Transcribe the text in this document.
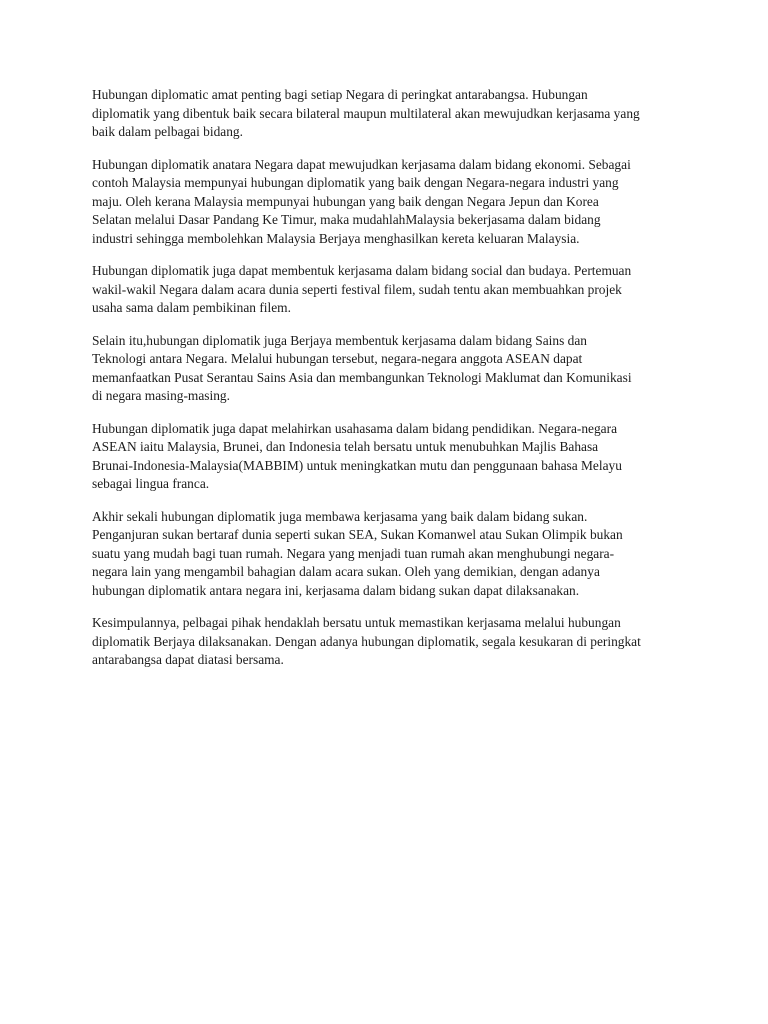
Hubungan diplomatic amat penting bagi setiap Negara di peringkat antarabangsa. Hubungan
diplomatik yang dibentuk baik secara bilateral maupun multilateral akan mewujudkan kerjasama yang
baik dalam pelbagai bidang.

Hubungan diplomatik anatara Negara dapat mewujudkan kerjasama dalam bidang ekonomi. Sebagai
contoh Malaysia mempunyai hubungan diplomatik yang baik dengan Negara-negara industri yang
maju. Oleh kerana Malaysia mempunyai hubungan yang baik dengan Negara Jepun dan Korea
Selatan melalui Dasar Pandang Ke Timur, maka mudahlahMalaysia bekerjasama dalam bidang
industri sehingga membolehkan Malaysia Berjaya menghasilkan kereta keluaran Malaysia.

Hubungan diplomatik juga dapat membentuk kerjasama dalam bidang social dan budaya. Pertemuan
wakil-wakil Negara dalam acara dunia seperti festival filem, sudah tentu akan membuahkan projek
usaha sama dalam pembikinan filem.

Selain itu,hubungan diplomatik juga Berjaya membentuk kerjasama dalam bidang Sains dan
Teknologi antara Negara. Melalui hubungan tersebut, negara-negara anggota ASEAN dapat
memanfaatkan Pusat Serantau Sains Asia dan membangunkan Teknologi Maklumat dan Komunikasi
di negara masing-masing.

Hubungan diplomatik juga dapat melahirkan usahasama dalam bidang pendidikan. Negara-negara
ASEAN iaitu Malaysia, Brunei, dan Indonesia telah bersatu untuk menubuhkan Majlis Bahasa
Brunai-Indonesia-Malaysia(MABBIM) untuk meningkatkan mutu dan penggunaan bahasa Melayu
sebagai lingua franca.

Akhir sekali hubungan diplomatik juga membawa kerjasama yang baik dalam bidang sukan.
Penganjuran sukan bertaraf dunia seperti sukan SEA, Sukan Komanwel atau Sukan Olimpik bukan
suatu yang mudah bagi tuan rumah. Negara yang menjadi tuan rumah akan menghubungi negara-
negara lain yang mengambil bahagian dalam acara sukan. Oleh yang demikian, dengan adanya
hubungan diplomatik antara negara ini, kerjasama dalam bidang sukan dapat dilaksanakan.

Kesimpulannya, pelbagai pihak hendaklah bersatu untuk memastikan kerjasama melalui hubungan
diplomatik Berjaya dilaksanakan. Dengan adanya hubungan diplomatik, segala kesukaran di peringkat
antarabangsa dapat diatasi bersama.
